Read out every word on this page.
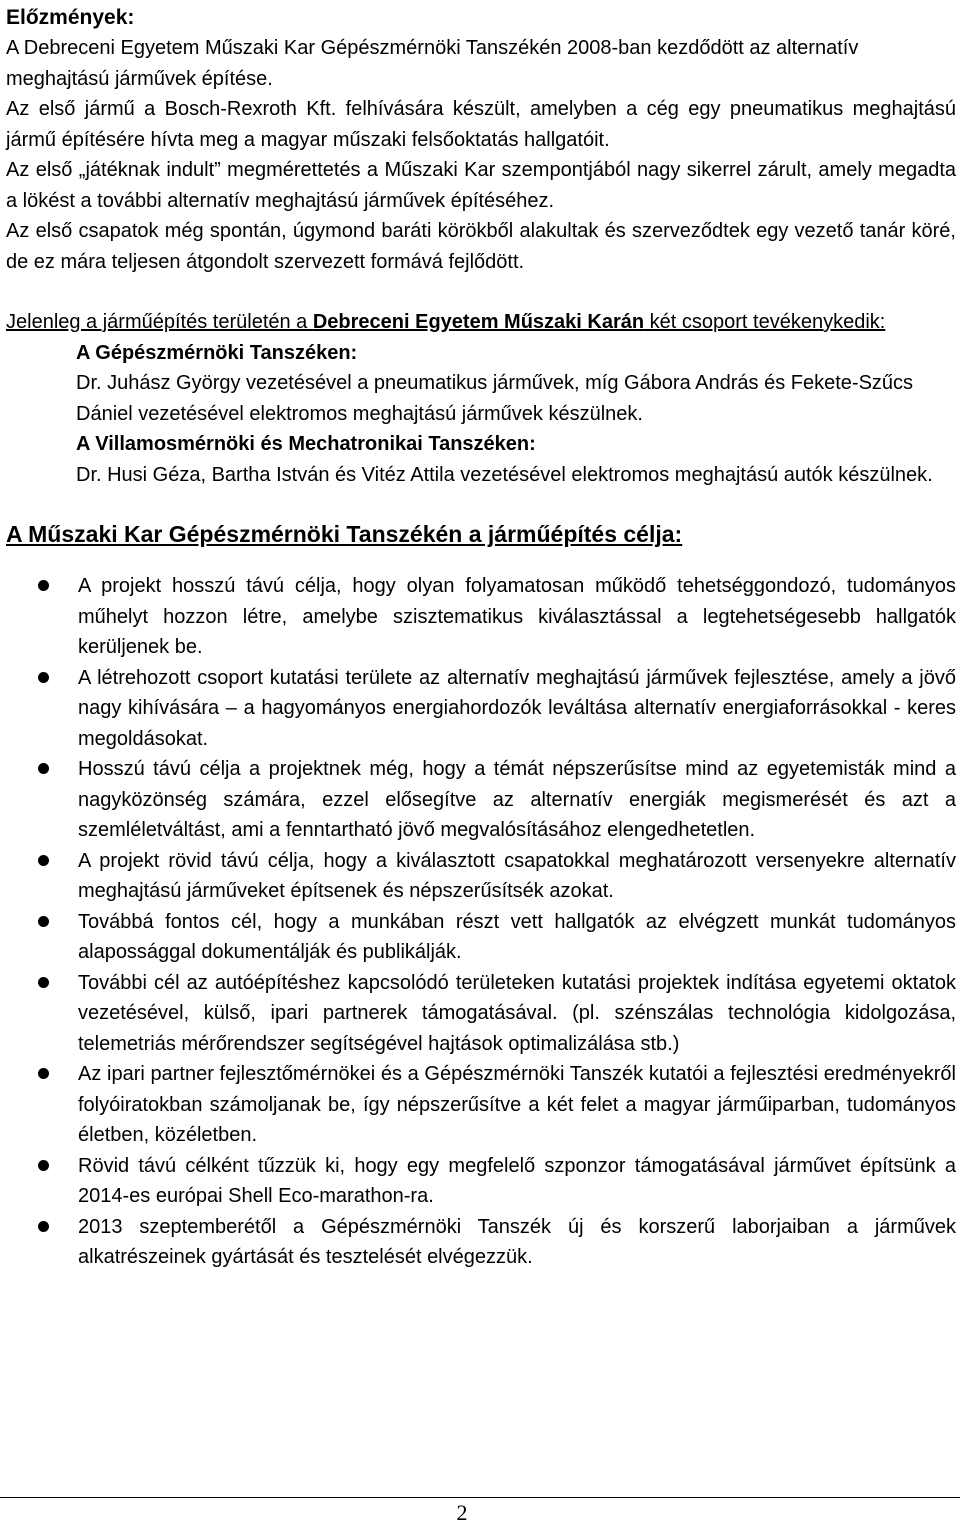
Előzmények:
A Debreceni Egyetem Műszaki Kar Gépészmérnöki Tanszékén 2008-ban kezdődött az alternatív meghajtású járművek építése.
Az első jármű a Bosch-Rexroth Kft. felhívására készült, amelyben a cég egy pneumatikus meghajtású jármű építésére hívta meg a magyar műszaki felsőoktatás hallgatóit.
Az első „játéknak indult” megmérettetés a Műszaki Kar szempontjából nagy sikerrel zárult, amely megadta a lökést a további alternatív meghajtású járművek építéséhez.
Az első csapatok még spontán, úgymond baráti körökből alakultak és szerveződtek egy vezető tanár köré, de ez mára teljesen átgondolt szervezett formává fejlődött.
Jelenleg a járműépítés területén a Debreceni Egyetem Műszaki Karán két csoport tevékenykedik:
A Gépészmérnöki Tanszéken:
Dr. Juhász György vezetésével a pneumatikus járművek, míg Gábora András és Fekete-Szűcs Dániel vezetésével elektromos meghajtású járművek készülnek.
A Villamosmérnöki és Mechatronikai Tanszéken:
Dr. Husi Géza, Bartha István és Vitéz Attila vezetésével elektromos meghajtású autók készülnek.
A Műszaki Kar Gépészmérnöki Tanszékén a járműépítés célja:
A projekt hosszú távú célja, hogy olyan folyamatosan működő tehetséggondozó, tudományos műhelyt hozzon létre, amelybe szisztematikus kiválasztással a legtehetségesebb hallgatók kerüljenek be.
A létrehozott csoport kutatási területe az alternatív meghajtású járművek fejlesztése, amely a jövő nagy kihívására – a hagyományos energiahordozók leváltása alternatív energiaforrásokkal - keres megoldásokat.
Hosszú távú célja a projektnek még, hogy a témát népszerűsítse mind az egyetemisták mind a nagyközönség számára, ezzel elősegítve az alternatív energiák megismerését és azt a szemléletváltást, ami a fenntartható jövő megvalósításához elengedhetetlen.
A projekt rövid távú célja, hogy a kiválasztott csapatokkal meghatározott versenyekre alternatív meghajtású járműveket építsenek és népszerűsítsék azokat.
Továbbá fontos cél, hogy a munkában részt vett hallgatók az elvégzett munkát tudományos alapossággal dokumentálják és publikálják.
További cél az autóépítéshez kapcsolódó területeken kutatási projektek indítása egyetemi oktatok vezetésével, külső, ipari partnerek támogatásával. (pl. szénszálas technológia kidolgozása, telemetriás mérőrendszer segítségével hajtások optimalizálása stb.)
Az ipari partner fejlesztőmérnökei és a Gépészmérnöki Tanszék kutatói a fejlesztési eredményekről folyóiratokban számoljanak be, így népszerűsítve a két felet a magyar járműiparban, tudományos életben, közéletben.
Rövid távú célként tűzzük ki, hogy egy megfelelő szponzor támogatásával járművet építsünk a 2014-es európai Shell Eco-marathon-ra.
2013 szeptemberétől a Gépészmérnöki Tanszék új és korszerű laborjaiban a járművek alkatrészeinek gyártását és tesztelését elvégezzük.
2
